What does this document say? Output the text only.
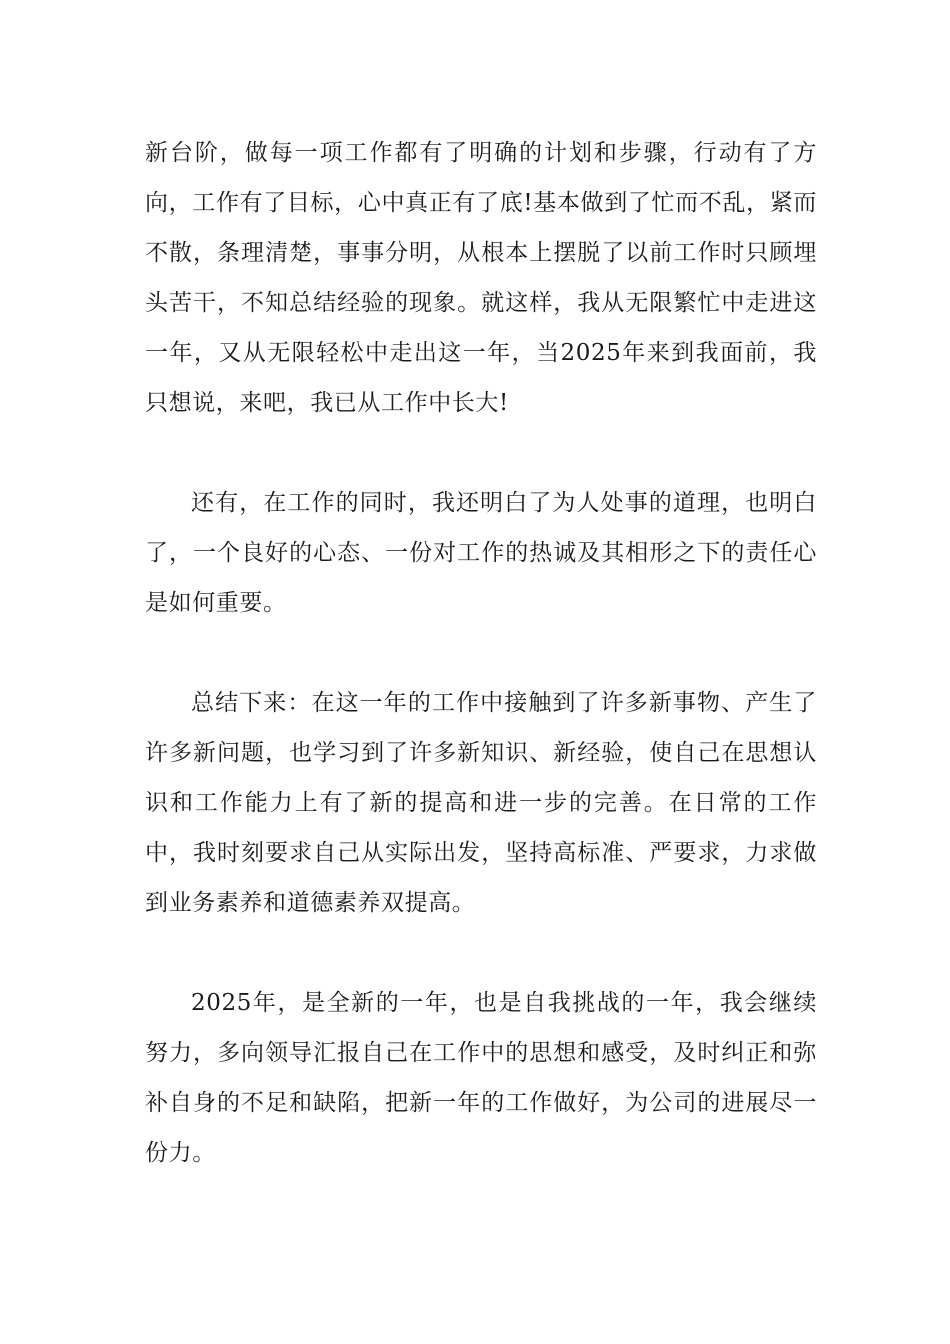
新台阶，做每一项工作都有了明确的计划和步骤，行动有了方向，工作有了目标，心中真正有了底!基本做到了忙而不乱，紧而不散，条理清楚，事事分明，从根本上摆脱了以前工作时只顾埋头苦干，不知总结经验的现象。就这样，我从无限繁忙中走进这一年，又从无限轻松中走出这一年，当2025年来到我面前，我只想说，来吧，我已从工作中长大!

还有，在工作的同时，我还明白了为人处事的道理，也明白了，一个良好的心态、一份对工作的热诚及其相形之下的责任心是如何重要。

总结下来：在这一年的工作中接触到了许多新事物、产生了许多新问题，也学习到了许多新知识、新经验，使自己在思想认识和工作能力上有了新的提高和进一步的完善。在日常的工作中，我时刻要求自己从实际出发，坚持高标准、严要求，力求做到业务素养和道德素养双提高。

2025年，是全新的一年，也是自我挑战的一年，我会继续努力，多向领导汇报自己在工作中的思想和感受，及时纠正和弥补自身的不足和缺陷，把新一年的工作做好，为公司的进展尽一份力。
